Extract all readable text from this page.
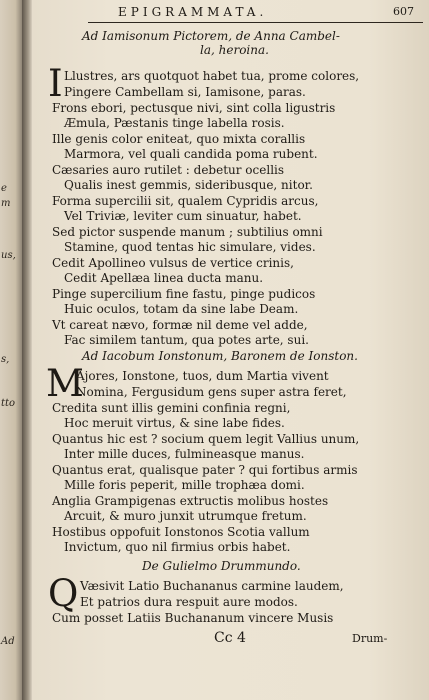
e
m
us,
s,
tto
Ad
EPIGRAMMATA.	607
Ad Iamisonum Pictorem, de Anna Cambel-
la, heroina.
I Llustres, ars quotquot habet tua, prome colores,
Pingere Cambellam si, Iamisone, paras.
Frons ebori, pectusque nivi, sint colla ligustris
Æmula, Pæstanis tinge labella rosis.
Ille genis color eniteat, quo mixta corallis
Marmora, vel quali candida poma rubent.
Cæsaries auro rutilet : debetur ocellis
Qualis inest gemmis, sideribusque, nitor.
Forma supercilii sit, qualem Cypridis arcus,
Vel Triviæ, leviter cum sinuatur, habet.
Sed pictor suspende manum ; subtilius omni
Stamine, quod tentas hic simulare, vides.
Cedit Apollineo vulsus de vertice crinis,
Cedit Apellæa linea ducta manu.
Pinge supercilium fine fastu, pinge pudicos
Huic oculos, totam da sine labe Deam.
Vt careat nævo, formæ nil deme vel adde,
Fac similem tantum, qua potes arte, sui.
Ad Iacobum Ionstonum, Baronem de Ionston.
M
Ajores, Ionstone, tuos, dum Martia vivent
Nomina, Fergusidum gens super astra feret,
Credita sunt illis gemini confinia regni,
Hoc meruit virtus, & sine labe fides.
Quantus hic est ? socium quem legit Vallius unum,
Inter mille duces, fulmineasque manus.
Quantus erat, qualisque pater ? qui fortibus armis
Mille foris peperit, mille trophæa domi.
Anglia Grampigenas extructis molibus hostes
Arcuit, & muro junxit utrumque fretum.
Hostibus oppofuit Ionstonos Scotia vallum
Invictum, quo nil firmius orbis habet.
De Gulielmo Drummundo.
Q Væsivit Latio Buchananus carmine laudem,
Et patrios dura respuit aure modos.
Cum posset Latiis Buchananum vincere Musis
Cc 4	Drum-
